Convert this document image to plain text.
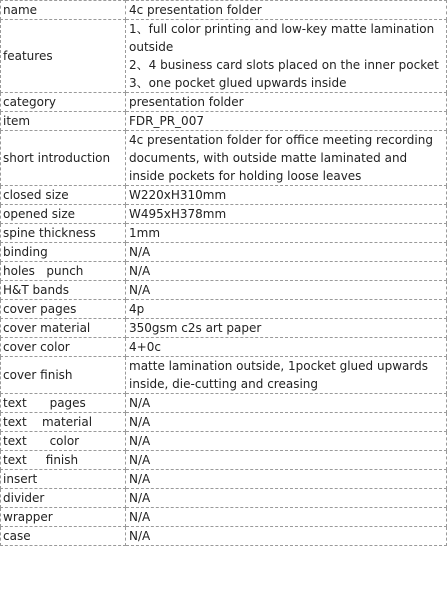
name	4c presentation folder

features	1、full color printing and low-key matte lamination outside
2、4 business card slots placed on the inner pocket
3、one pocket glued upwards inside

category	presentation folder

item	FDR_PR_007

short introduction	4c presentation folder for office meeting recording documents, with outside matte laminated and inside pockets for holding loose leaves

closed size	W220xH310mm

opened size	W495xH378mm

spine thickness	1mm

binding	N/A

holes   punch	N/A

H&T bands	N/A

cover pages	4p

cover material	350gsm c2s art paper

cover color	4+0c

cover finish	matte lamination outside, 1pocket glued upwards inside, die-cutting and creasing

text      pages	N/A

text    material	N/A

text      color	N/A

text     finish	N/A

insert	N/A

divider	N/A

wrapper	N/A

case	N/A
